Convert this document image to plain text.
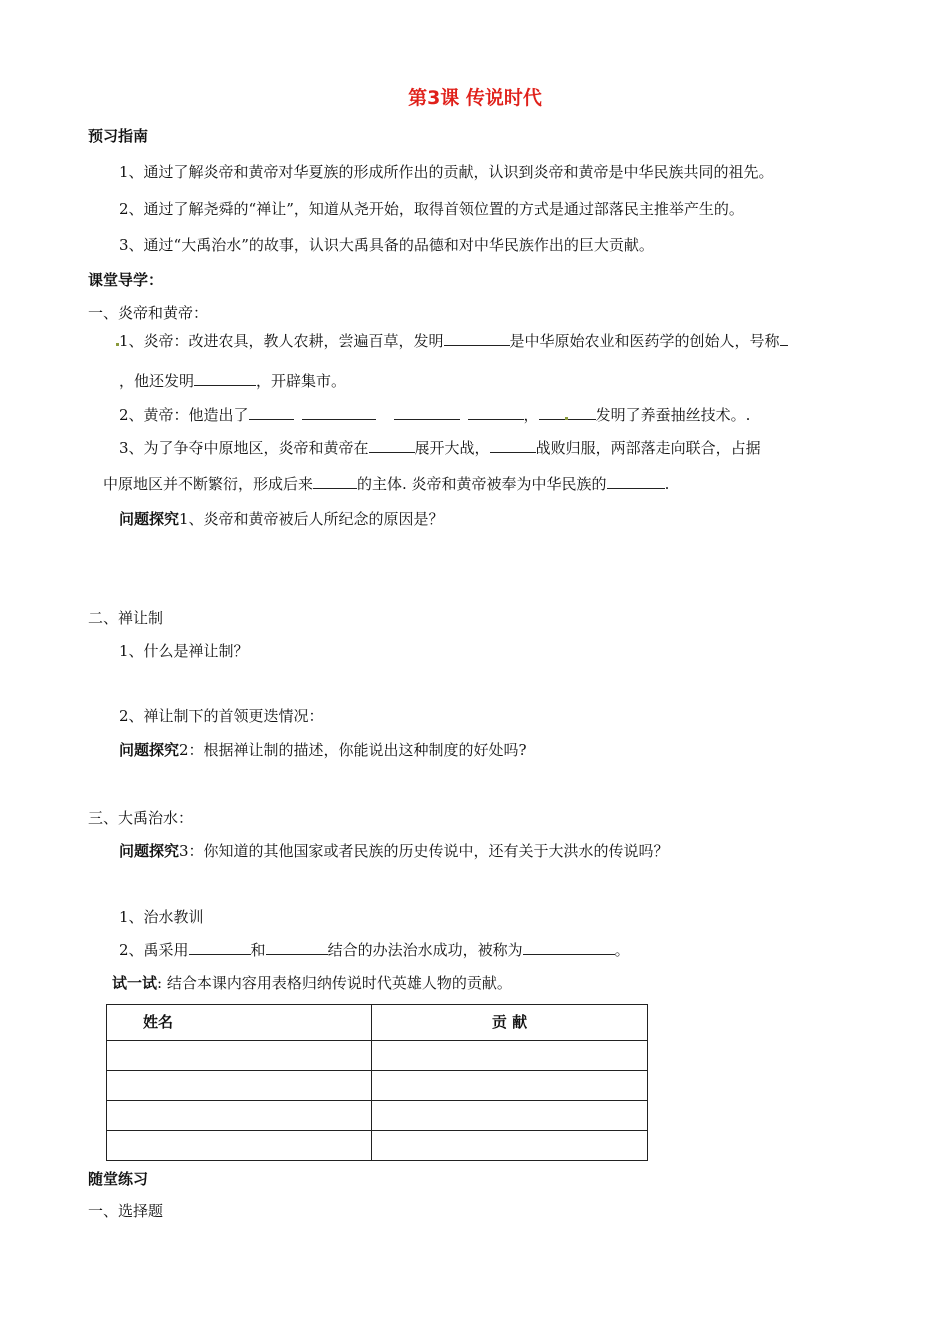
第3课 传说时代
预习指南
1、通过了解炎帝和黄帝对华夏族的形成所作出的贡献，认识到炎帝和黄帝是中华民族共同的祖先。
2、通过了解尧舜的“禅让”，知道从尧开始，取得首领位置的方式是通过部落民主推举产生的。
3、通过“大禹治水”的故事，认识大禹具备的品德和对中华民族作出的巨大贡献。
课堂导学：
一、炎帝和黄帝：
1、炎帝：改进农具，教人农耕，尝遍百草，发明	是中华原始农业和医药学的创始人，号称
，他还发明	，开辟集市。
2、黄帝：他造出了	，	发明了养蚕抽丝技术。.
3、为了争夺中原地区，炎帝和黄帝在	展开大战，	战败归服，两部落走向联合，占据
中原地区并不断繁衍，形成后来	的主体. 炎帝和黄帝被奉为中华民族的	.
问题探究1、炎帝和黄帝被后人所纪念的原因是？
二、禅让制
1、什么是禅让制？
2、禅让制下的首领更迭情况：
问题探究2：根据禅让制的描述，你能说出这种制度的好处吗?
三、大禹治水：
问题探究3：你知道的其他国家或者民族的历史传说中，还有关于大洪水的传说吗？
1、治水教训
2、禹采用	和	结合的办法治水成功，被称为	。
试一试: 结合本课内容用表格归纳传说时代英雄人物的贡献。
姓名	贡 献

随堂练习
一、选择题
